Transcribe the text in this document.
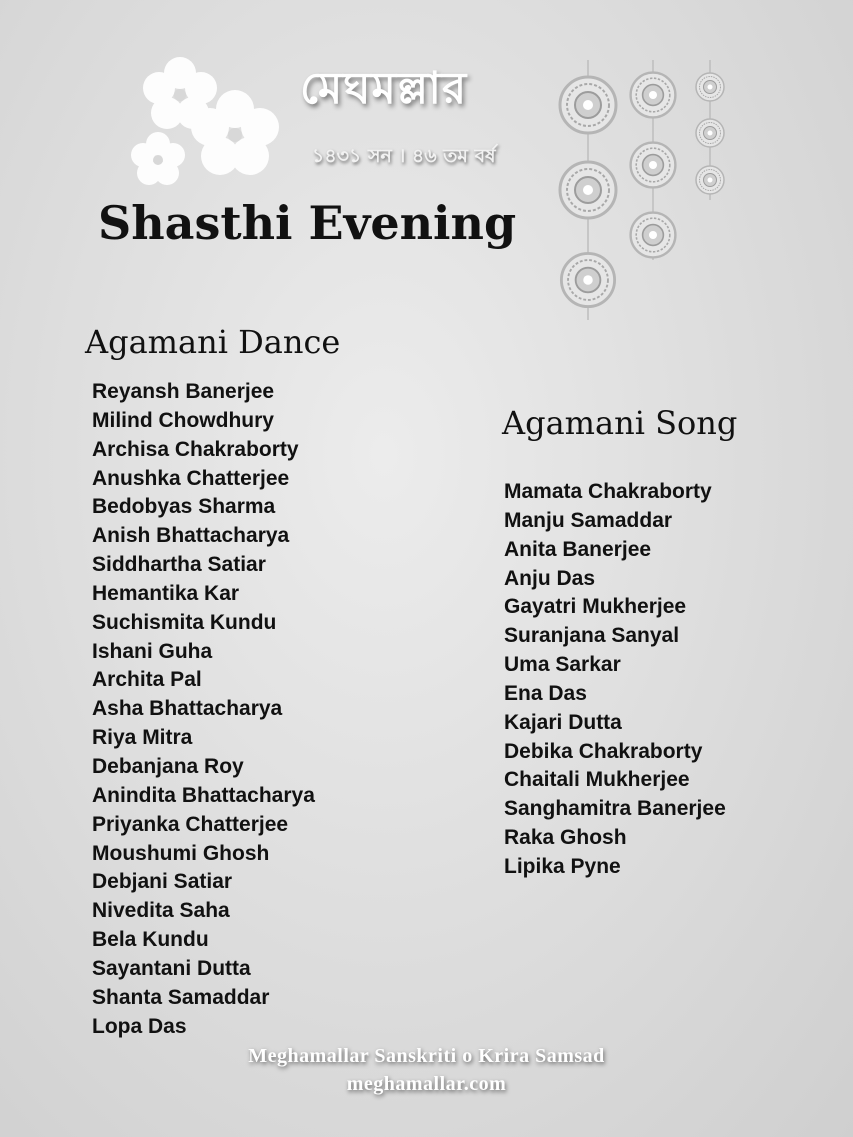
মেঘমল্লার
১৪৩১ সন । ৪৬ তম বর্ষ
Shasthi Evening
Agamani Dance
Reyansh Banerjee
Milind Chowdhury
Archisa Chakraborty
Anushka Chatterjee
Bedobyas Sharma
Anish Bhattacharya
Siddhartha Satiar
Hemantika Kar
Suchismita Kundu
Ishani Guha
Archita Pal
Asha Bhattacharya
Riya Mitra
Debanjana Roy
Anindita Bhattacharya
Priyanka Chatterjee
Moushumi Ghosh
Debjani Satiar
Nivedita Saha
Bela Kundu
Sayantani Dutta
Shanta Samaddar
Lopa Das
Agamani Song
Mamata Chakraborty
Manju Samaddar
Anita Banerjee
Anju Das
Gayatri Mukherjee
Suranjana Sanyal
Uma Sarkar
Ena Das
Kajari Dutta
Debika Chakraborty
Chaitali Mukherjee
Sanghamitra Banerjee
Raka Ghosh
Lipika Pyne
Meghamallar Sanskriti o Krira Samsad
meghamallar.com
